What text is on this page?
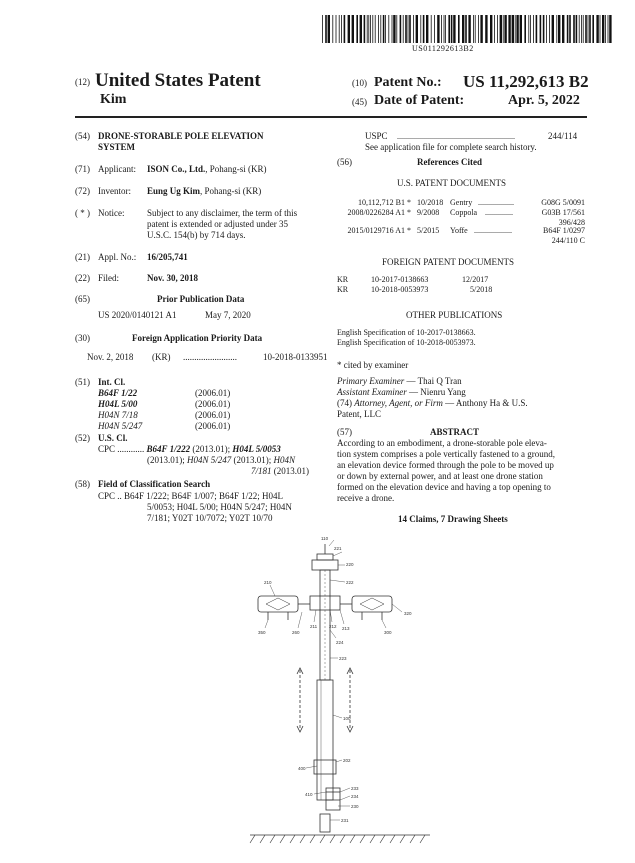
US011292613B2
(12) United States Patent
Kim
(10) Patent No.: US 11,292,613 B2
(45) Date of Patent:	Apr. 5, 2022
(54) DRONE-STORABLE POLE ELEVATION
SYSTEM
(71) Applicant: ISON Co., Ltd., Pohang-si (KR)
(72) Inventor: Eung Ug Kim, Pohang-si (KR)
( * ) Notice:	Subject to any disclaimer, the term of this
patent is extended or adjusted under 35
U.S.C. 154(b) by 714 days.
(21) Appl. No.: 16/205,741
(22) Filed:	Nov. 30, 2018
(65)	Prior Publication Data
US 2020/0140121 A1	May 7, 2020
(30)	Foreign Application Priority Data
Nov. 2, 2018 (KR) ........................	10-2018-0133951
(51) Int. Cl.
B64F 1/22	(2006.01)
H04L 5/00	(2006.01)
H04N 7/18	(2006.01)
H04N 5/247	(2006.01)
(52) U.S. Cl.
CPC ............ B64F 1/222 (2013.01); H04L 5/0053
(2013.01); H04N 5/247 (2013.01); H04N
7/181 (2013.01)
(58) Field of Classification Search
CPC .. B64F 1/222; B64F 1/007; B64F 1/22; H04L
5/0053; H04L 5/00; H04N 5/247; H04N
7/181; Y02T 10/7072; Y02T 10/70
USPC ...........................................................	244/114
See application file for complete search history.
(56)	References Cited
U.S. PATENT DOCUMENTS
10,112,712 B1 * 10/2018 Gentry ..................	G08G 5/0091
2008/0226284 A1 * 9/2008 Coppola ..............	G03B 17/561
396/428
2015/0129716 A1 * 5/2015 Yoffe ...................	B64F 1/0297
244/110 C
FOREIGN PATENT DOCUMENTS
KR	10-2017-0138663	12/2017
KR	10-2018-0053973	5/2018
OTHER PUBLICATIONS
English Specification of 10-2017-0138663.
English Specification of 10-2018-0053973.
* cited by examiner
Primary Examiner — Thai Q Tran
Assistant Examiner — Nienru Yang
(74) Attorney, Agent, or Firm — Anthony Ha & U.S.
Patent, LLC
(57)	ABSTRACT
According to an embodiment, a drone-storable pole eleva-
tion system comprises a pole vertically fastened to a ground,
an elevation device formed through the pole to be moved up
or down by external power, and at least one drone station
formed on the elevation device and having a top opening to
receive a drone.
14 Claims, 7 Drawing Sheets
110
221
220
222
210
320
350	260
211	212 213
300
224
223
100
400
202
410
233
234
230
231
